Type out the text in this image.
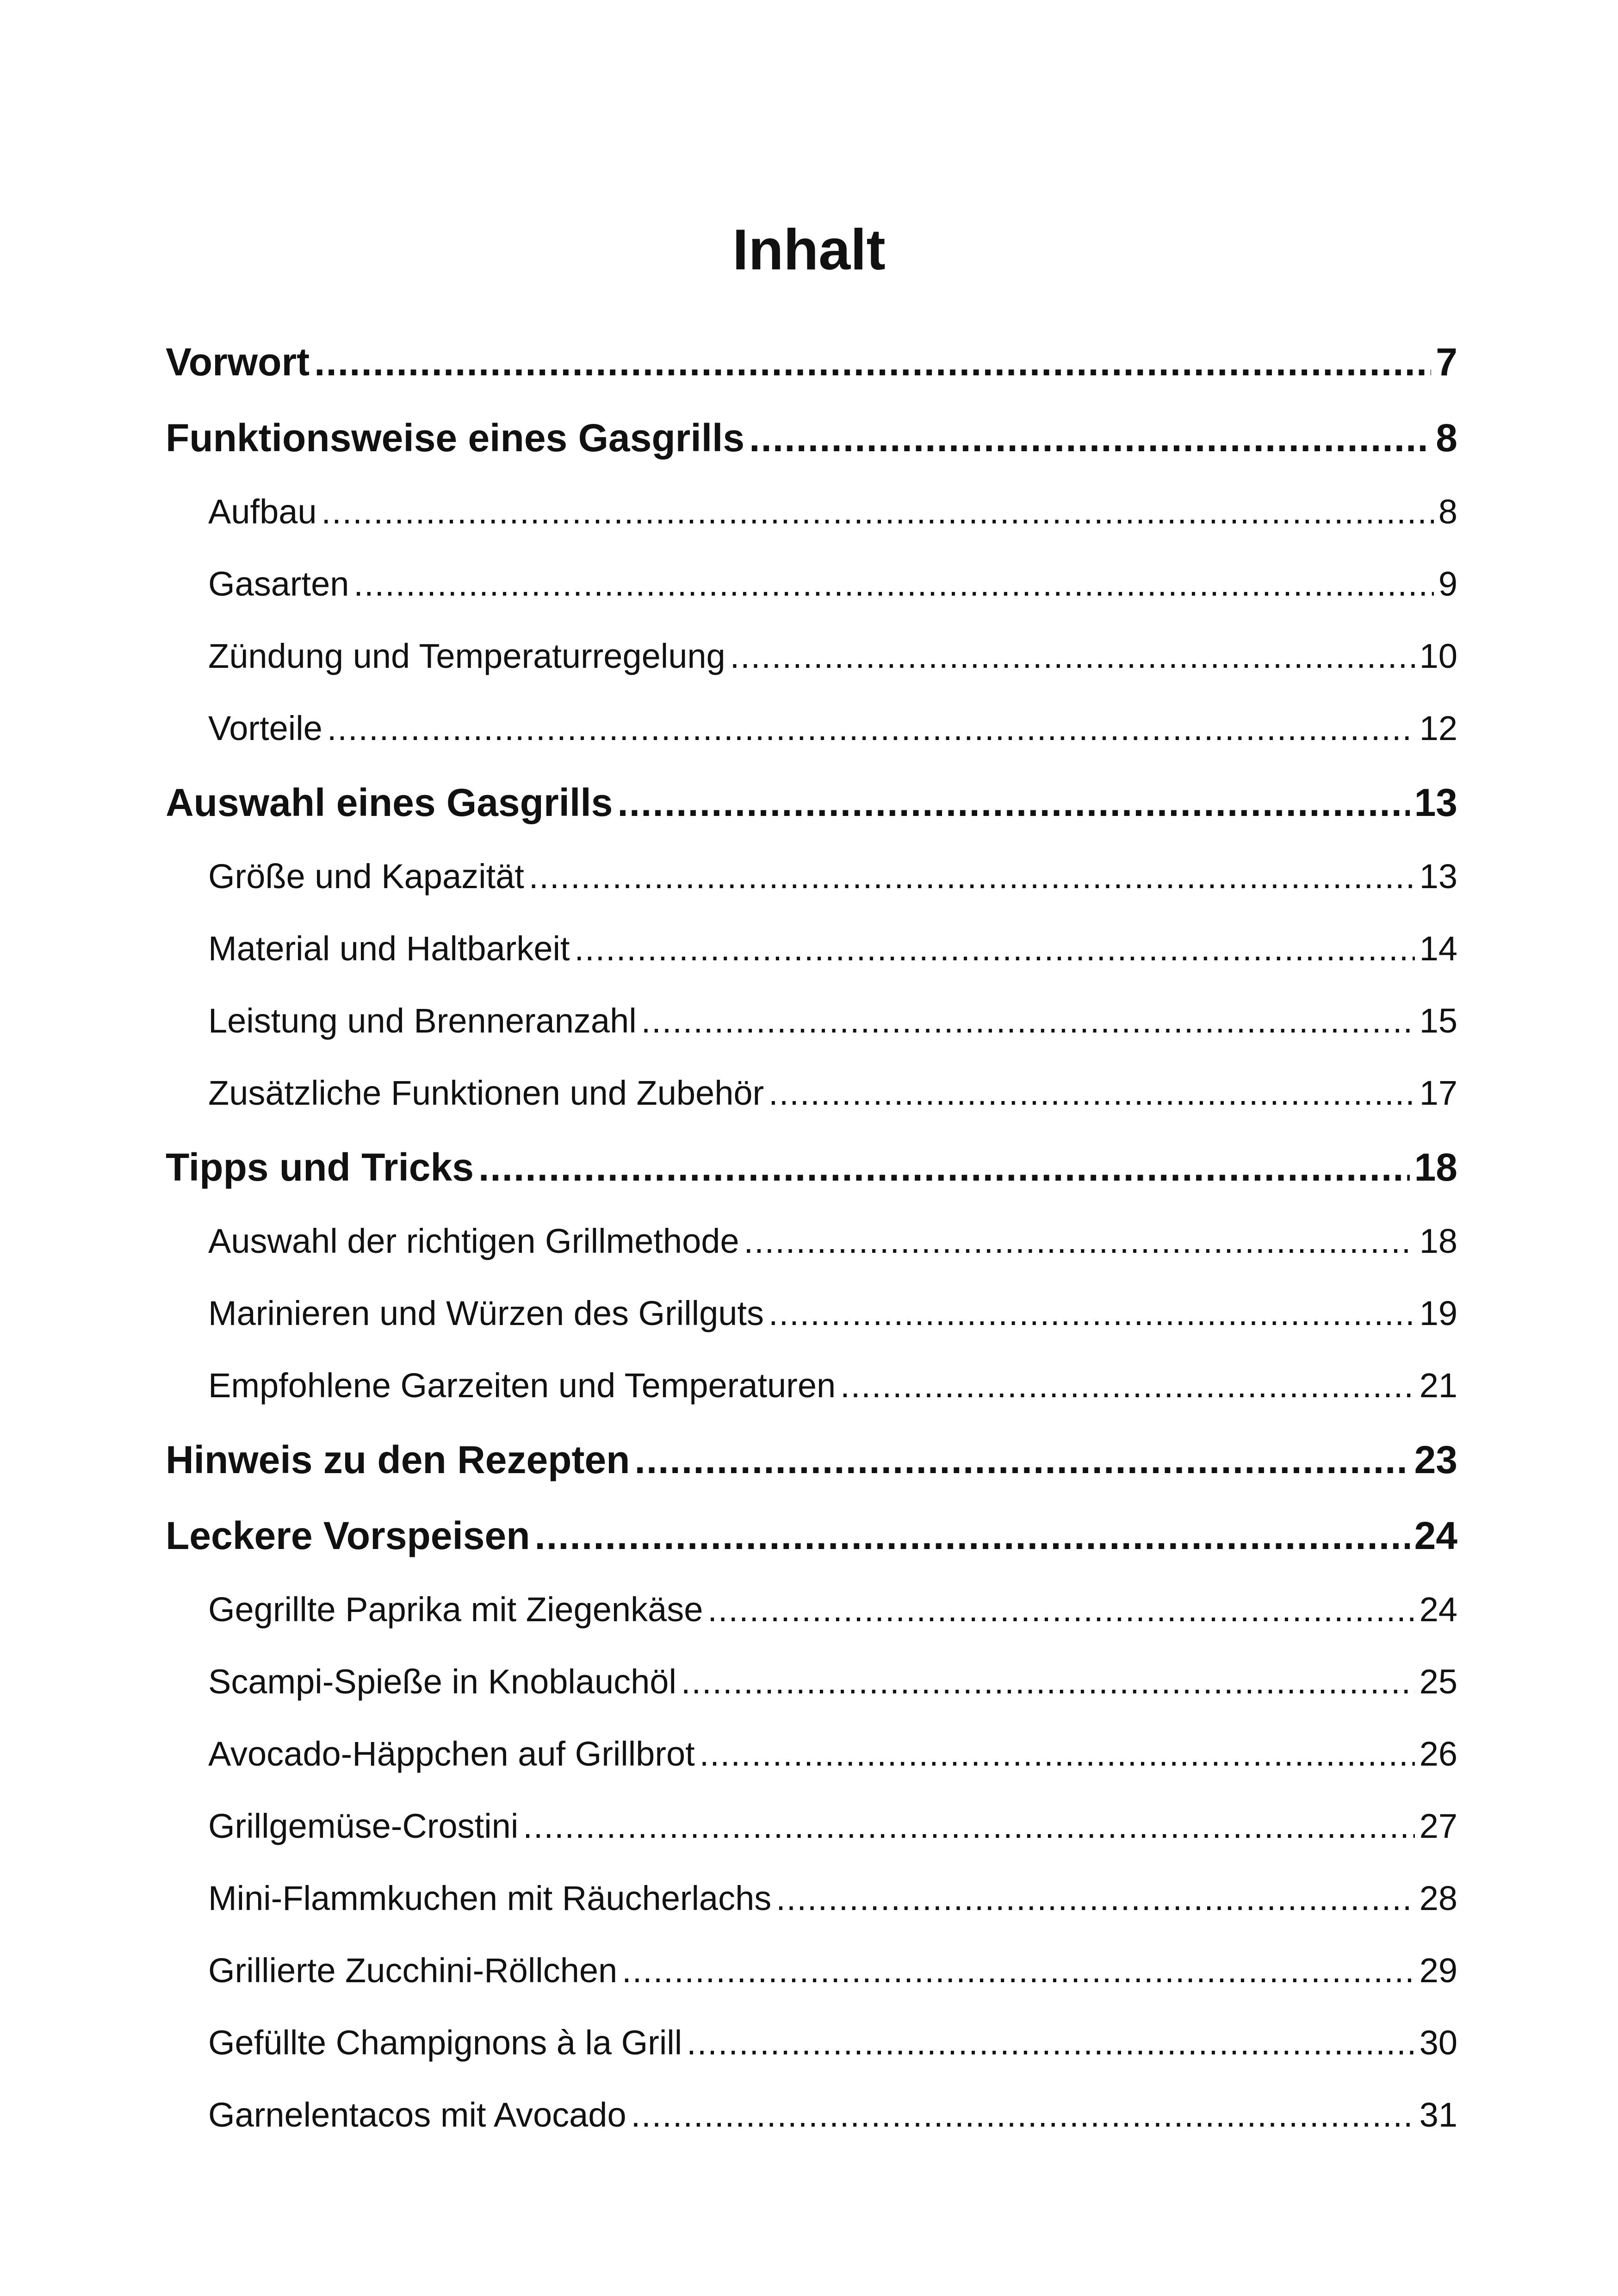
Inhalt
Vorwort .....	7
Funktionsweise eines Gasgrills .....	8
Aufbau .....	8
Gasarten .....	9
Zündung und Temperaturregelung .....	10
Vorteile .....	12
Auswahl eines Gasgrills .....	13
Größe und Kapazität .....	13
Material und Haltbarkeit .....	14
Leistung und Brenneranzahl .....	15
Zusätzliche Funktionen und Zubehör .....	17
Tipps und Tricks .....	18
Auswahl der richtigen Grillmethode .....	18
Marinieren und Würzen des Grillguts .....	19
Empfohlene Garzeiten und Temperaturen .....	21
Hinweis zu den Rezepten .....	23
Leckere Vorspeisen .....	24
Gegrillte Paprika mit Ziegenkäse .....	24
Scampi-Spieße in Knoblauchöl .....	25
Avocado-Häppchen auf Grillbrot .....	26
Grillgemüse-Crostini .....	27
Mini-Flammkuchen mit Räucherlachs .....	28
Grillierte Zucchini-Röllchen .....	29
Gefüllte Champignons à la Grill .....	30
Garnelentacos mit Avocado .....	31
